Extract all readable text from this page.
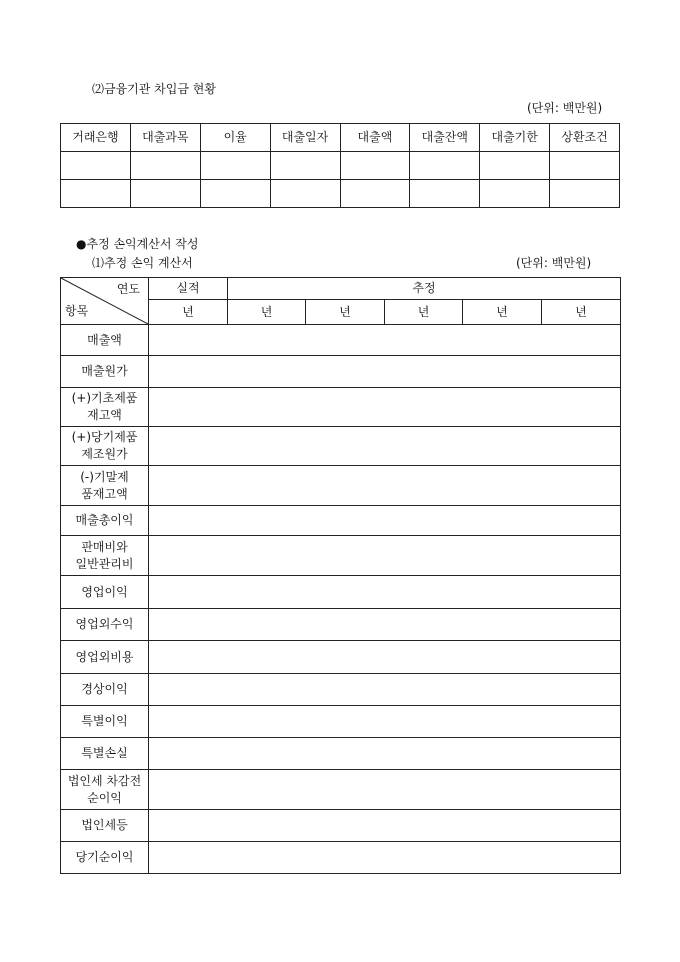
⑵금융기관 차입금 현황
(단위: 백만원)
거래은행	대출과목	이율	대출일자	대출액	대출잔액	대출기한	상환조건

●추정 손익계산서 작성
⑴추정 손익 계산서	(단위: 백만원)
연도
항목	실적	추정				
	년	년	년	년	년	년

매출액						

매출원가						

(+)기초제품
재고액						

(+)당기제품
제조원가						

(-)기말제
품재고액						

매출총이익						

판매비와
일반관리비						

영업이익						

영업외수익						

영업외비용						

경상이익						

특별이익						

특별손실						

법인세 차감전
순이익						

법인세등						

당기순이익						
